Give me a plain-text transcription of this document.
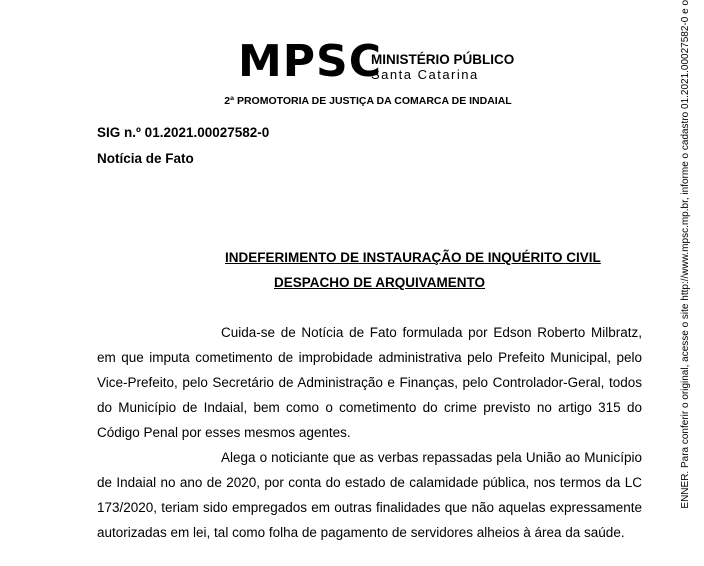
MPSC
MINISTÉRIO PÚBLICO
Santa Catarina
2ª PROMOTORIA DE JUSTIÇA DA COMARCA DE INDAIAL
SIG n.º 01.2021.00027582-0
Notícia de Fato
INDEFERIMENTO DE INSTAURAÇÃO DE INQUÉRITO CIVIL
DESPACHO DE ARQUIVAMENTO
Cuida-se de Notícia de Fato formulada por Edson Roberto Milbratz, em que imputa cometimento de improbidade administrativa pelo Prefeito Municipal, pelo Vice-Prefeito, pelo Secretário de Administração e Finanças, pelo Controlador-Geral, todos do Município de Indaial, bem como o cometimento do crime previsto no artigo 315 do Código Penal por esses mesmos agentes.
Alega o noticiante que as verbas repassadas pela União ao Município de Indaial no ano de 2020, por conta do estado de calamidade pública, nos termos da LC 173/2020, teriam sido empregados em outras finalidades que não aquelas expressamente autorizadas em lei, tal como folha de pagamento de servidores alheios à área da saúde.
ENNER. Para conferir o original, acesse o site http://www.mpsc.mp.br, informe o cadastro 01.2021.00027582-0 e o
